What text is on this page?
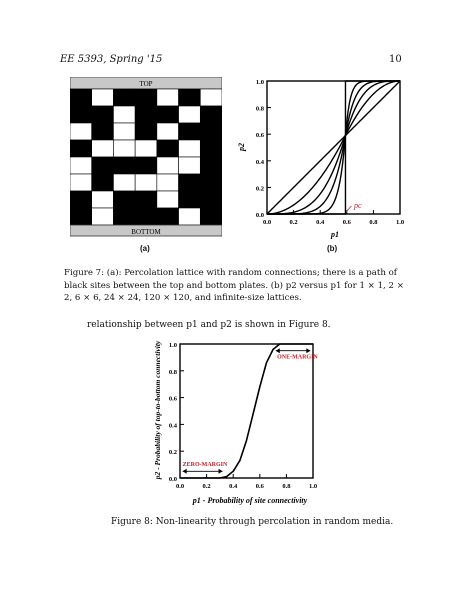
EE 5393, Spring '15	10
TOP
BOTTOM
(a)
0.0	0.2	0.4	0.6	0.8	1.0
0.0
0.2
0.4
0.6
0.8
1.0
p1
p2
pc
(b)
Figure 7: (a): Percolation lattice with random connections; there is a path of black sites between the top and bottom plates. (b) p2 versus p1 for 1 × 1, 2 × 2, 6 × 6, 24 × 24, 120 × 120, and infinite-size lattices.
relationship between p1 and p2 is shown in Figure 8.
0.0	0.2	0.4	0.6	0.8	1.0
0.0
0.2
0.4
0.6
0.8
1.0
ZERO-MARGIN
ONE-MARGIN
p1 - Probability of site connectivity
p2 - Probability of top-to-bottom connectivity
Figure 8: Non-linearity through percolation in random media.
